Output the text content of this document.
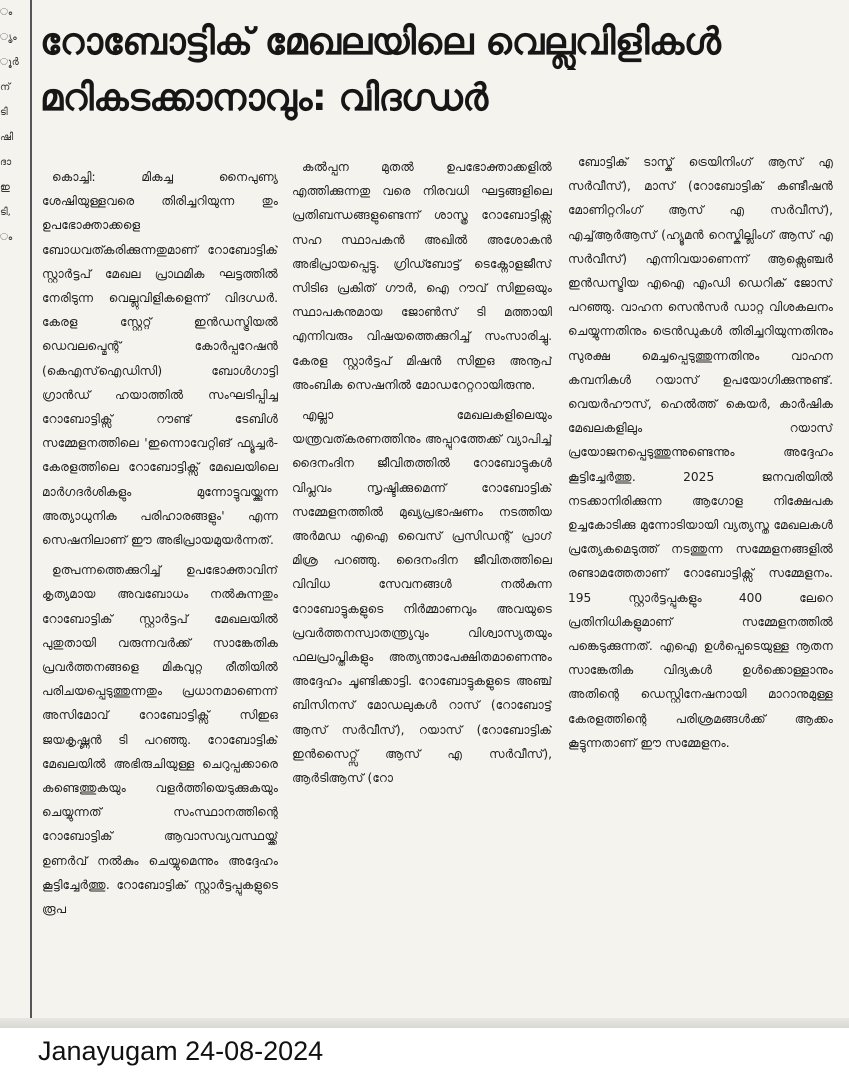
ം
ൃം
ൂർ
ന്
ടി
ഷി
ദാ
ഇ
ടി,
ം
റോബോട്ടിക് മേഖലയിലെ വെല്ലുവിളികൾ
മറികടക്കാനാവും: വിദഗ്ധർ

കൊച്ചി: മികച്ച നൈപുണ്യ ശേഷിയുള്ളവരെ തിരിച്ചറിയുന്ന തും ഉപഭോക്താക്കളെ ബോധവത്കരിക്കുന്നതുമാണ് റോബോട്ടിക് സ്റ്റാർട്ടപ് മേഖല പ്രാഥമിക ഘട്ടത്തിൽ നേരിടുന്ന വെല്ലുവിളികളെന്ന് വിദഗ്ധർ. കേരള സ്റ്റേറ്റ് ഇൻഡസ്ട്രിയൽ ഡെവലപ്മെന്റ് കോർപ്പറേഷൻ (കെഎസ്ഐഡിസി) ബോൾഗാട്ടി ഗ്രാൻഡ് ഹയാത്തിൽ സംഘടിപ്പിച്ച റോബോട്ടിക്സ് റൗണ്ട് ടേബിൾ സമ്മേളനത്തിലെ 'ഇന്നൊവേറ്റിങ് ഫ്യൂച്ചർ-കേരളത്തിലെ റോബോട്ടിക്സ് മേഖലയിലെ മാർഗദർശികളും മുന്നോട്ടുവയ്ക്കുന്ന അത്യാധുനിക പരിഹാരങ്ങളും' എന്ന സെഷനിലാണ് ഈ അഭിപ്രായമുയർന്നത്.

ഉത്പന്നത്തെക്കുറിച്ച് ഉപഭോക്താവിന് കൃത്യമായ അവബോധം നൽകുന്നതും റോബോട്ടിക് സ്റ്റാർട്ടപ് മേഖലയിൽ പുതുതായി വരുന്നവർക്ക് സാങ്കേതിക പ്രവർത്തനങ്ങളെ മികവുറ്റ രീതിയിൽ പരിചയപ്പെടുത്തുന്നതും പ്രധാനമാണെന്ന് അസിമോവ് റോബോട്ടിക്സ് സിഇഒ ജയകൃഷ്ണൻ ടി പറഞ്ഞു. റോബോട്ടിക് മേഖലയിൽ അഭിരുചിയുള്ള ചെറുപ്പക്കാരെ കണ്ടെത്തുകയും വളർത്തിയെടുക്കുകയും ചെയ്യുന്നത് സംസ്ഥാനത്തിന്റെ റോബോട്ടിക് ആവാസവ്യവസ്ഥയ്ക്ക് ഉണർവ് നൽകും ചെയ്യുമെന്നും അദ്ദേഹം കൂട്ടിച്ചേർത്തു. റോബോട്ടിക് സ്റ്റാർട്ടപ്പുകളുടെ രൂപ

കൽപ്പന മുതൽ ഉപഭോക്താക്കളിൽ എത്തിക്കുന്നതു വരെ നിരവധി ഘട്ടങ്ങളിലെ പ്രതിബന്ധങ്ങളുണ്ടെന്ന് ശാസ്ത്ര റോബോട്ടിക്സ് സഹ സ്ഥാപകൻ അഖിൽ അശോകൻ അഭിപ്രായപ്പെട്ടു. ഗ്രിഡ്ബോട്ട് ടെക്നോളജീസ് സിടിഒ പ്രകിത് ഗൗർ, ഐ റൗവ് സിഇഒയും സ്ഥാപകനുമായ ജോൺസ് ടി മത്തായി എന്നിവരും വിഷയത്തെക്കുറിച്ച് സംസാരിച്ചു. കേരള സ്റ്റാർട്ടപ് മിഷൻ സിഇഒ അനൂപ് അംബിക സെഷനിൽ മോഡറേറ്ററായിരുന്നു.

എല്ലാ മേഖലകളിലെയും യന്ത്രവത്കരണത്തിനും അപ്പുറത്തേക്ക് വ്യാപിച്ച് ദൈനംദിന ജീവിതത്തിൽ റോബോട്ടുകൾ വിപ്ലവം സൃഷ്ടിക്കുമെന്ന് റോബോട്ടിക് സമ്മേളനത്തിൽ മുഖ്യപ്രഭാഷണം നടത്തിയ അർമഡ എഐ വൈസ് പ്രസിഡന്റ് പ്രാഗ് മിശ്ര പറഞ്ഞു. ദൈനംദിന ജീവിതത്തിലെ വിവിധ സേവനങ്ങൾ നൽകുന്ന റോബോട്ടുകളുടെ നിർമ്മാണവും അവയുടെ പ്രവർത്തനസ്വാതന്ത്ര്യവും വിശ്വാസ്യതയും ഫലപ്രാപ്തികളും അത്യന്താപേക്ഷിതമാണെന്നും അദ്ദേഹം ചൂണ്ടിക്കാട്ടി. റോബോട്ടുകളുടെ അഞ്ച് ബിസിനസ് മോഡലുകൾ റാസ് (റോബോട്ട് ആസ് സർവീസ്), റയാസ് (റോബോട്ടിക് ഇൻസൈറ്റ്സ് ആസ് എ സർവീസ്), ആർടിആസ് (റോ

ബോട്ടിക് ടാസ്ക് ട്രെയിനിംഗ് ആസ് എ സർവീസ്), മാസ് (റോബോട്ടിക് കണ്ടീഷൻ മോണിറ്ററിംഗ് ആസ് എ സർവീസ്), എച്ച്ആർആസ് (ഹ്യൂമൻ റെസ്കില്ലിംഗ് ആസ് എ സർവീസ്) എന്നിവയാണെന്ന് ആക്സെഞ്ചർ ഇൻഡസ്ട്രിയ എഐ എംഡി ഡെറിക് ജോസ് പറഞ്ഞു. വാഹന സെൻസർ ഡാറ്റ വിശകലനം ചെയ്യുന്നതിനും ട്രെൻഡുകൾ തിരിച്ചറിയുന്നതിനും സുരക്ഷ മെച്ചപ്പെടുത്തുന്നതിനും വാഹന കമ്പനികൾ റയാസ് ഉപയോഗിക്കുന്നുണ്ട്. വെയർഹൗസ്, ഹെൽത്ത് കെയർ, കാർഷിക മേഖലകളിലും റയാസ് പ്രയോജനപ്പെടുത്തുന്നുണ്ടെന്നും അദ്ദേഹം കൂട്ടിച്ചേർത്തു. 2025 ജനവരിയിൽ നടക്കാനിരിക്കുന്ന ആഗോള നിക്ഷേപക ഉച്ചകോടിക്കു മുന്നോടിയായി വ്യത്യസ്ത മേഖലകൾ പ്രത്യേകമെടുത്ത് നടത്തുന്ന സമ്മേളനങ്ങളിൽ രണ്ടാമത്തേതാണ് റോബോട്ടിക്സ് സമ്മേളനം. 195 സ്റ്റാർട്ടപ്പുകളും 400 ലേറെ പ്രതിനിധികളുമാണ് സമ്മേളനത്തിൽ പങ്കെടുക്കുന്നത്. എഐ ഉൾപ്പെടെയുള്ള നൂതന സാങ്കേതിക വിദ്യകൾ ഉൾക്കൊള്ളാനും അതിന്റെ ഡെസ്റ്റിനേഷനായി മാറാനുമുള്ള കേരളത്തിന്റെ പരിശ്രമങ്ങൾക്ക് ആക്കം കൂട്ടുന്നതാണ് ഈ സമ്മേളനം.

Janayugam 24-08-2024
